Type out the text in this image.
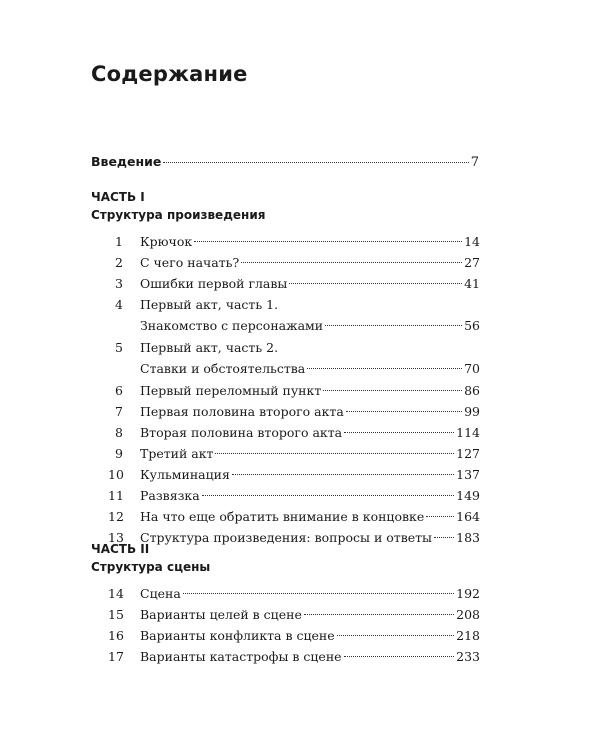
Содержание
Введение	7
ЧАСТЬ I
Структура произведения
1 Крючок	14
2 С чего начать?	27
3 Ошибки первой главы	41
4 Первый акт, часть 1.
Знакомство с персонажами	56
5 Первый акт, часть 2.
Ставки и обстоятельства	70
6 Первый переломный пункт	86
7 Первая половина второго акта	99
8 Вторая половина второго акта	114
9 Третий акт	127
10 Кульминация	137
11 Развязка	149
12 На что еще обратить внимание в концовке	164
13 Структура произведения: вопросы и ответы 183
ЧАСТЬ II
Структура сцены
14 Сцена	192
15 Варианты целей в сцене	208
16 Варианты конфликта в сцене	218
17 Варианты катастрофы в сцене	233
